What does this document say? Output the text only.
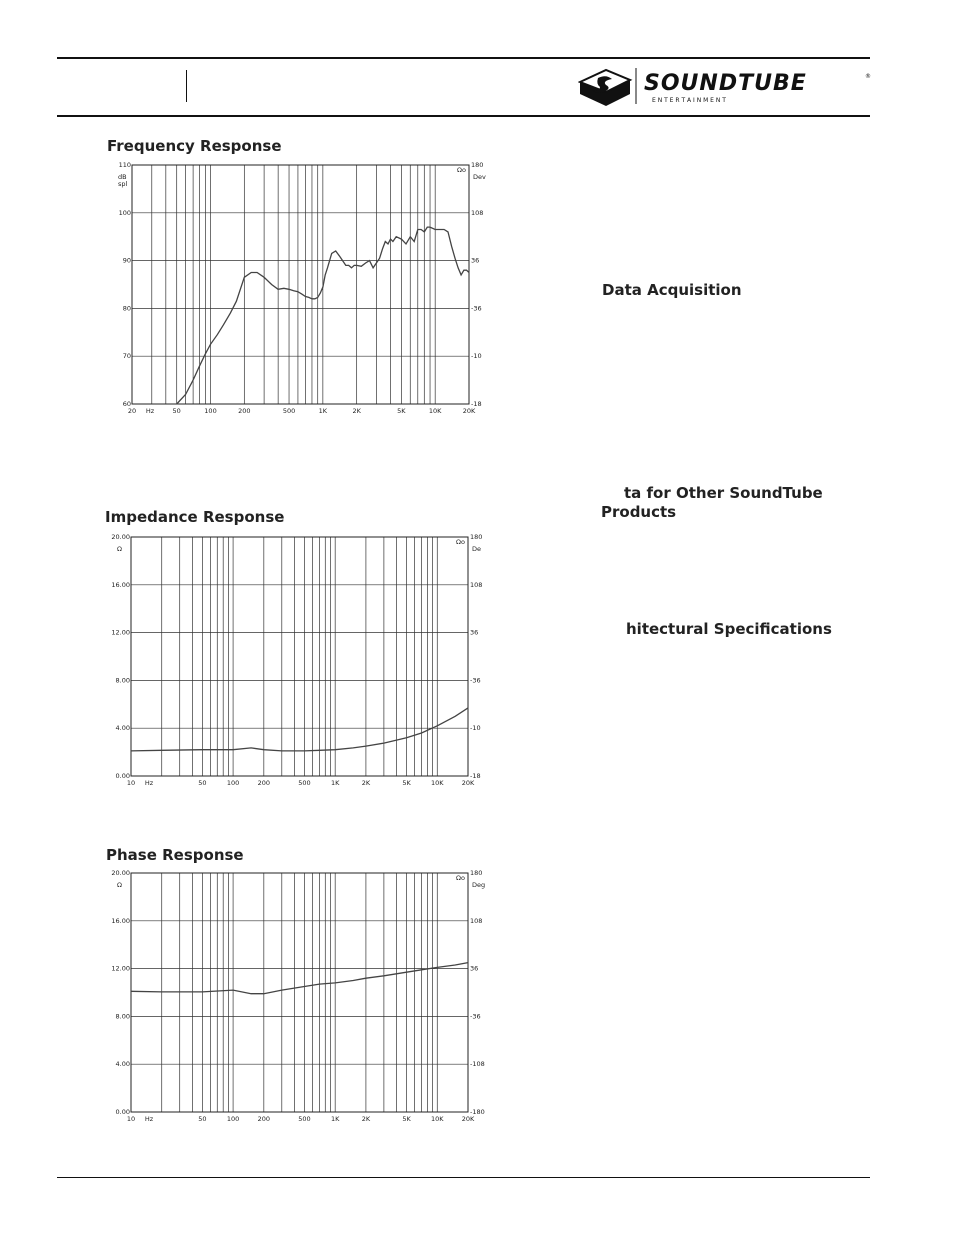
SOUNDTUBE	®
E N T E R T A I N M E N T
Data Acquisition
ta for Other SoundTube
Products
hitectural Specifications
Frequency Response
Impedance Response
Phase Response
110
100
90
80
70
60
180
108
36
-36
-10
-18
dB
spl
Ωo
Dev
20 Hz	50	100	200	500	1K	2K	5K	10K	20K
20.00
16.00
12.00
8.00
4.00
0.00
180
108
36
-36
-10
-18
Ω
Ωo
De
10 Hz	50	100	200	500	1K	2K	5K	10K	20K
20.00
16.00
12.00
8.00
4.00
0.00
180
108
36
-36
-108
-180
Ω
Ωo
Deg
10 Hz	50	100	200	500	1K	2K	5K	10K	20K
